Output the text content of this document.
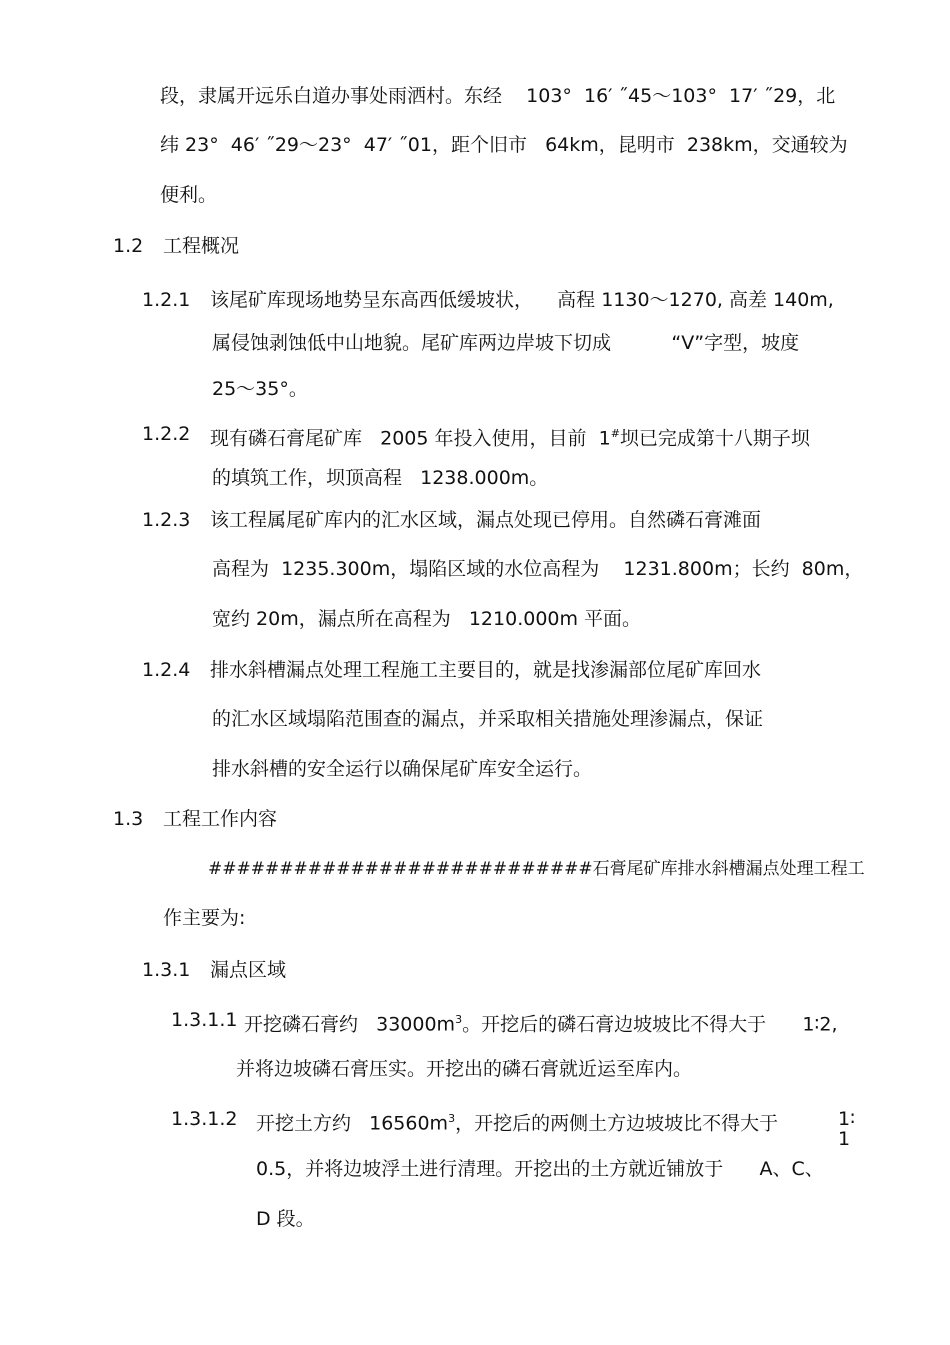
段，隶属开远乐白道办事处雨洒村。东经    103°  16′ ˝45～103°  17′ ˝29，北
纬 23°  46′ ˝29～23°  47′ ˝01，距个旧市   64km，昆明市  238km，交通较为
便利。
1.2 工程概况
1.2.1 该尾矿库现场地势呈东高西低缓坡状，    高程 1130～1270, 高差 140m,
属侵蚀剥蚀低中山地貌。尾矿库两边岸坡下切成          “V”字型，坡度
25～35°。
1.2.2 现有磷石膏尾矿库   2005 年投入使用，目前  1#坝已完成第十八期子坝
的填筑工作，坝顶高程   1238.000m。
1.2.3 该工程属尾矿库内的汇水区域，漏点处现已停用。自然磷石膏滩面
高程为  1235.300m，塌陷区域的水位高程为    1231.800m；长约  80m，
宽约 20m，漏点所在高程为   1210.000m 平面。
1.2.4 排水斜槽漏点处理工程施工主要目的，就是找渗漏部位尾矿库回水
的汇水区域塌陷范围查的漏点，并采取相关措施处理渗漏点，保证
排水斜槽的安全运行以确保尾矿库安全运行。
1.3 工程工作内容
###########################石膏尾矿库排水斜槽漏点处理工程工
作主要为:
1.3.1 漏点区域
1.3.1.1 开挖磷石膏约   $33000m^3$。开挖后的磷石膏边坡坡比不得大于      1∶2,
并将边坡磷石膏压实。开挖出的磷石膏就近运至库内。
1.3.1.2 开挖土方约   $16560m^3$，开挖后的两侧土方边坡坡比不得大于	1∶
1
0.5，并将边坡浮土进行清理。开挖出的土方就近铺放于      A、C、
D 段。
